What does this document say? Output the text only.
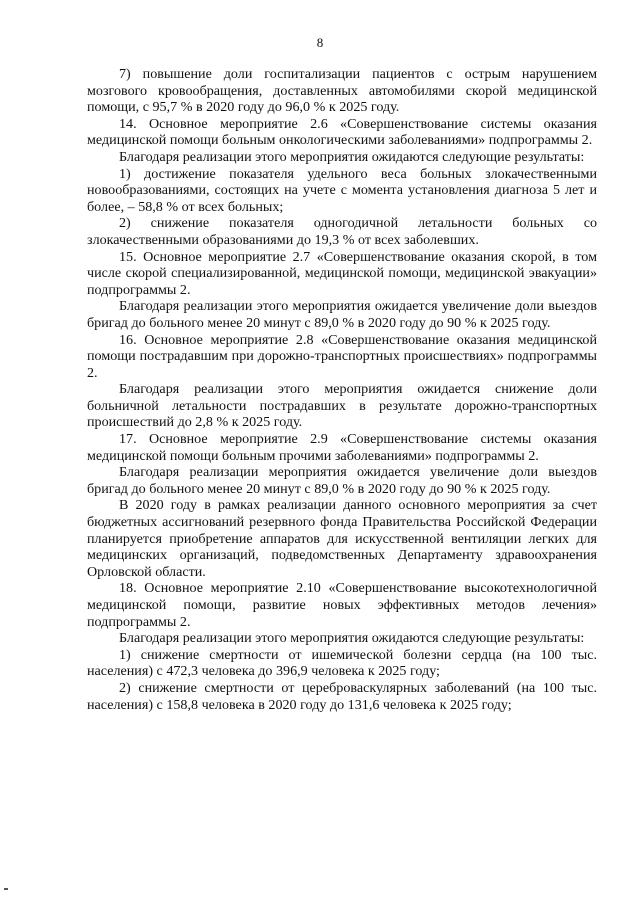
8

7) повышение доли госпитализации пациентов с острым нарушением мозгового кровообращения, доставленных автомобилями скорой медицинской помощи, с 95,7 % в 2020 году до 96,0 % к 2025 году.

14. Основное мероприятие 2.6 «Совершенствование системы оказания медицинской помощи больным онкологическими заболеваниями» подпрограммы 2.

Благодаря реализации этого мероприятия ожидаются следующие результаты:

1) достижение показателя удельного веса больных злокачественными новообразованиями, состоящих на учете с момента установления диагноза 5 лет и более, – 58,8 % от всех больных;

2) снижение показателя одногодичной летальности больных со злокачественными образованиями до 19,3 % от всех заболевших.

15. Основное мероприятие 2.7 «Совершенствование оказания скорой, в том числе скорой специализированной, медицинской помощи, медицинской эвакуации» подпрограммы 2.

Благодаря реализации этого мероприятия ожидается увеличение доли выездов бригад до больного менее 20 минут с 89,0 % в 2020 году до 90 % к 2025 году.

16. Основное мероприятие 2.8 «Совершенствование оказания медицинской помощи пострадавшим при дорожно-транспортных происшествиях» подпрограммы 2.

Благодаря реализации этого мероприятия ожидается снижение доли больничной летальности пострадавших в результате дорожно-транспортных происшествий до 2,8 % к 2025 году.

17. Основное мероприятие 2.9 «Совершенствование системы оказания медицинской помощи больным прочими заболеваниями» подпрограммы 2.

Благодаря реализации мероприятия ожидается увеличение доли выездов бригад до больного менее 20 минут с 89,0 % в 2020 году до 90 % к 2025 году.

В 2020 году в рамках реализации данного основного мероприятия за счет бюджетных ассигнований резервного фонда Правительства Российской Федерации планируется приобретение аппаратов для искусственной вентиляции легких для медицинских организаций, подведомственных Департаменту здравоохранения Орловской области.

18. Основное мероприятие 2.10 «Совершенствование высокотехнологичной медицинской помощи, развитие новых эффективных методов лечения» подпрограммы 2.

Благодаря реализации этого мероприятия ожидаются следующие результаты:

1) снижение смертности от ишемической болезни сердца (на 100 тыс. населения) с 472,3 человека до 396,9 человека к 2025 году;

2) снижение смертности от цереброваскулярных заболеваний (на 100 тыс. населения) с 158,8 человека в 2020 году до 131,6 человека к 2025 году;
